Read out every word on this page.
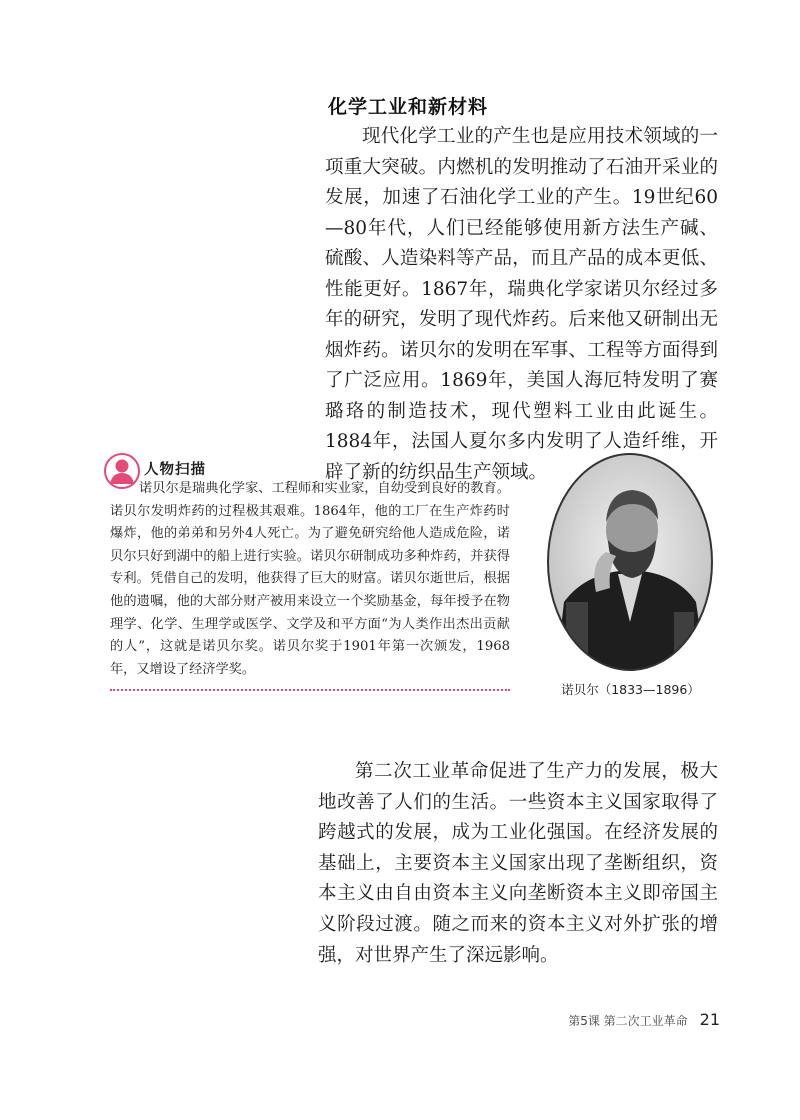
化学工业和新材料

现代化学工业的产生也是应用技术领域的一项重大突破。内燃机的发明推动了石油开采业的发展，加速了石油化学工业的产生。19世纪60—80年代，人们已经能够使用新方法生产碱、硫酸、人造染料等产品，而且产品的成本更低、性能更好。1867年，瑞典化学家诺贝尔经过多年的研究，发明了现代炸药。后来他又研制出无烟炸药。诺贝尔的发明在军事、工程等方面得到了广泛应用。1869年，美国人海厄特发明了赛璐珞的制造技术，现代塑料工业由此诞生。1884年，法国人夏尔多内发明了人造纤维，开辟了新的纺织品生产领域。

人物扫描

诺贝尔是瑞典化学家、工程师和实业家，自幼受到良好的教育。诺贝尔发明炸药的过程极其艰难。1864年，他的工厂在生产炸药时爆炸，他的弟弟和另外4人死亡。为了避免研究给他人造成危险，诺贝尔只好到湖中的船上进行实验。诺贝尔研制成功多种炸药，并获得专利。凭借自己的发明，他获得了巨大的财富。诺贝尔逝世后，根据他的遗嘱，他的大部分财产被用来设立一个奖励基金，每年授予在物理学、化学、生理学或医学、文学及和平方面“为人类作出杰出贡献的人”，这就是诺贝尔奖。诺贝尔奖于1901年第一次颁发，1968年，又增设了经济学奖。

诺贝尔（1833—1896）

第二次工业革命促进了生产力的发展，极大地改善了人们的生活。一些资本主义国家取得了跨越式的发展，成为工业化强国。在经济发展的基础上，主要资本主义国家出现了垄断组织，资本主义由自由资本主义向垄断资本主义即帝国主义阶段过渡。随之而来的资本主义对外扩张的增强，对世界产生了深远影响。

第5课 第二次工业革命 21
